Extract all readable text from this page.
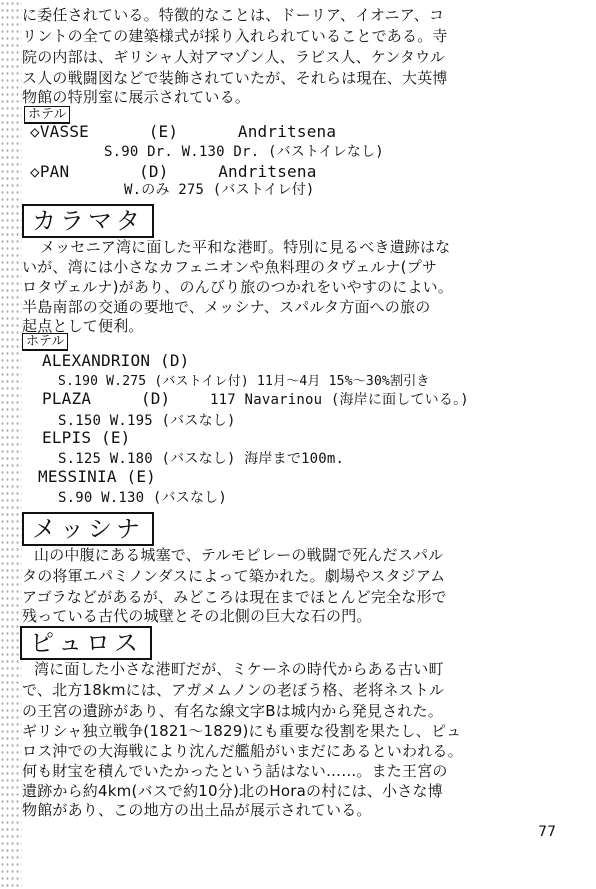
に委任されている。特徴的なことは、ドーリア、イオニア、コ
リントの全ての建築様式が採り入れられていることである。寺
院の内部は、ギリシャ人対アマゾン人、ラピス人、ケンタウル
ス人の戦闘図などで装飾されていたが、それらは現在、大英博
物館の特別室に展示されている。
ホテル
◇VASSE	(E)	Andritsena
S.90 Dr. W.130 Dr. (バストイレなし)
◇PAN	(D)	Andritsena
W.のみ 275 (バストイレ付)
カラマタ
メッセニア湾に面した平和な港町。特別に見るべき遺跡はな
いが、湾には小さなカフェニオンや魚料理のタヴェルナ(プサ
ロタヴェルナ)があり、のんびり旅のつかれをいやすのによい。
半島南部の交通の要地で、メッシナ、スパルタ方面への旅の
起点として便利。
ホテル
ALEXANDRION (D)
S.190 W.275 (バストイレ付) 11月〜4月 15%〜30%割引き
PLAZA	(D)	117 Navarinou (海岸に面している。)
S.150 W.195 (バスなし)
ELPIS (E)
S.125 W.180 (バスなし) 海岸まで100m.
MESSINIA (E)
S.90 W.130 (バスなし)
メッシナ
山の中腹にある城塞で、テルモピレーの戦闘で死んだスパル
タの将軍エパミノンダスによって築かれた。劇場やスタジアム
アゴラなどがあるが、みどころは現在までほとんど完全な形で
残っている古代の城壁とその北側の巨大な石の門。
ピュロス
湾に面した小さな港町だが、ミケーネの時代からある古い町
で、北方18kmには、アガメムノンの老ぼう格、老将ネストル
の王宮の遺跡があり、有名な線文字Bは城内から発見された。
ギリシャ独立戦争(1821〜1829)にも重要な役割を果たし、ピュ
ロス沖での大海戦により沈んだ艦船がいまだにあるといわれる。
何も財宝を積んでいたかったという話はない……。また王宮の
遺跡から約4km(バスで約10分)北のHoraの村には、小さな博
物館があり、この地方の出土品が展示されている。
77
